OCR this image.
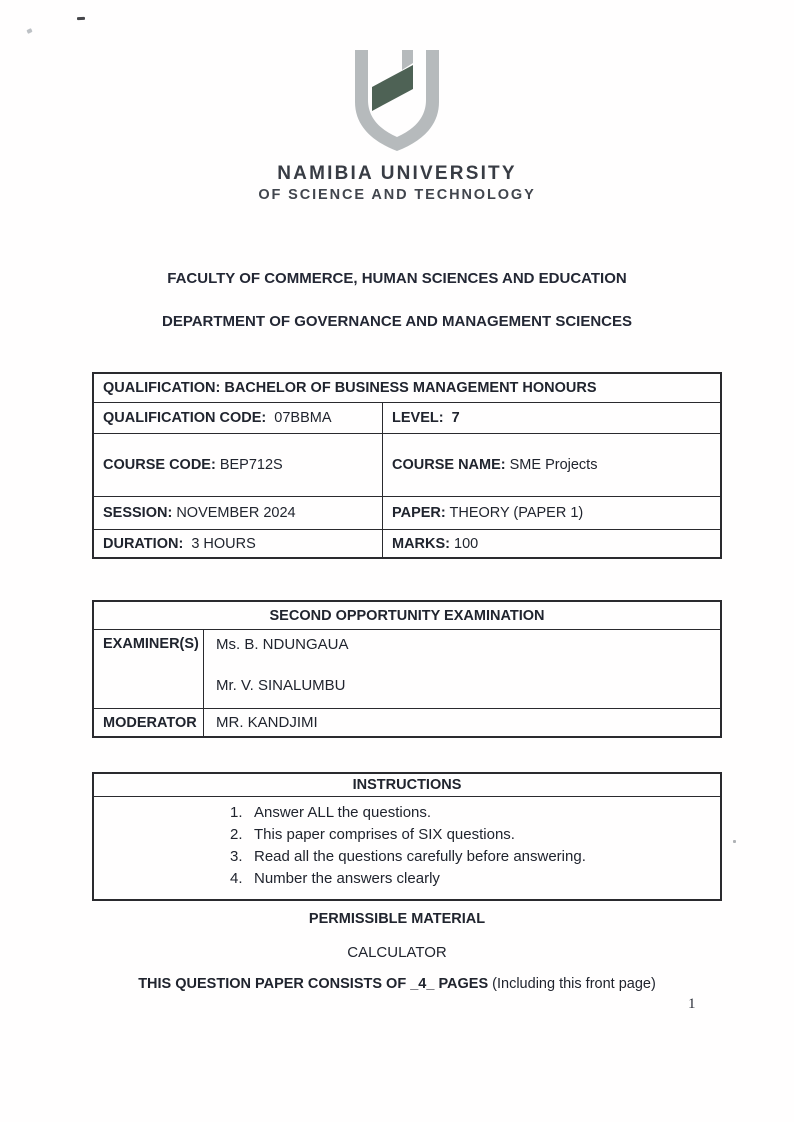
NAMIBIA UNIVERSITY
OF SCIENCE AND TECHNOLOGY
FACULTY OF COMMERCE, HUMAN SCIENCES AND EDUCATION
DEPARTMENT OF GOVERNANCE AND MANAGEMENT SCIENCES
QUALIFICATION: BACHELOR OF BUSINESS MANAGEMENT HONOURS
QUALIFICATION CODE: 07BBMA	LEVEL: 7
COURSE CODE: BEP712S	COURSE NAME: SME Projects
SESSION: NOVEMBER 2024	PAPER: THEORY (PAPER 1)
DURATION: 3 HOURS	MARKS: 100
SECOND OPPORTUNITY EXAMINATION
EXAMINER(S) Ms. B. NDUNGAUA
Mr. V. SINALUMBU
MODERATOR	MR. KANDJIMI
INSTRUCTIONS
Answer ALL the questions.
This paper comprises of SIX questions.
Read all the questions carefully before answering.
Number the answers clearly
PERMISSIBLE MATERIAL
CALCULATOR
THIS QUESTION PAPER CONSISTS OF _4_ PAGES (Including this front page)
1
